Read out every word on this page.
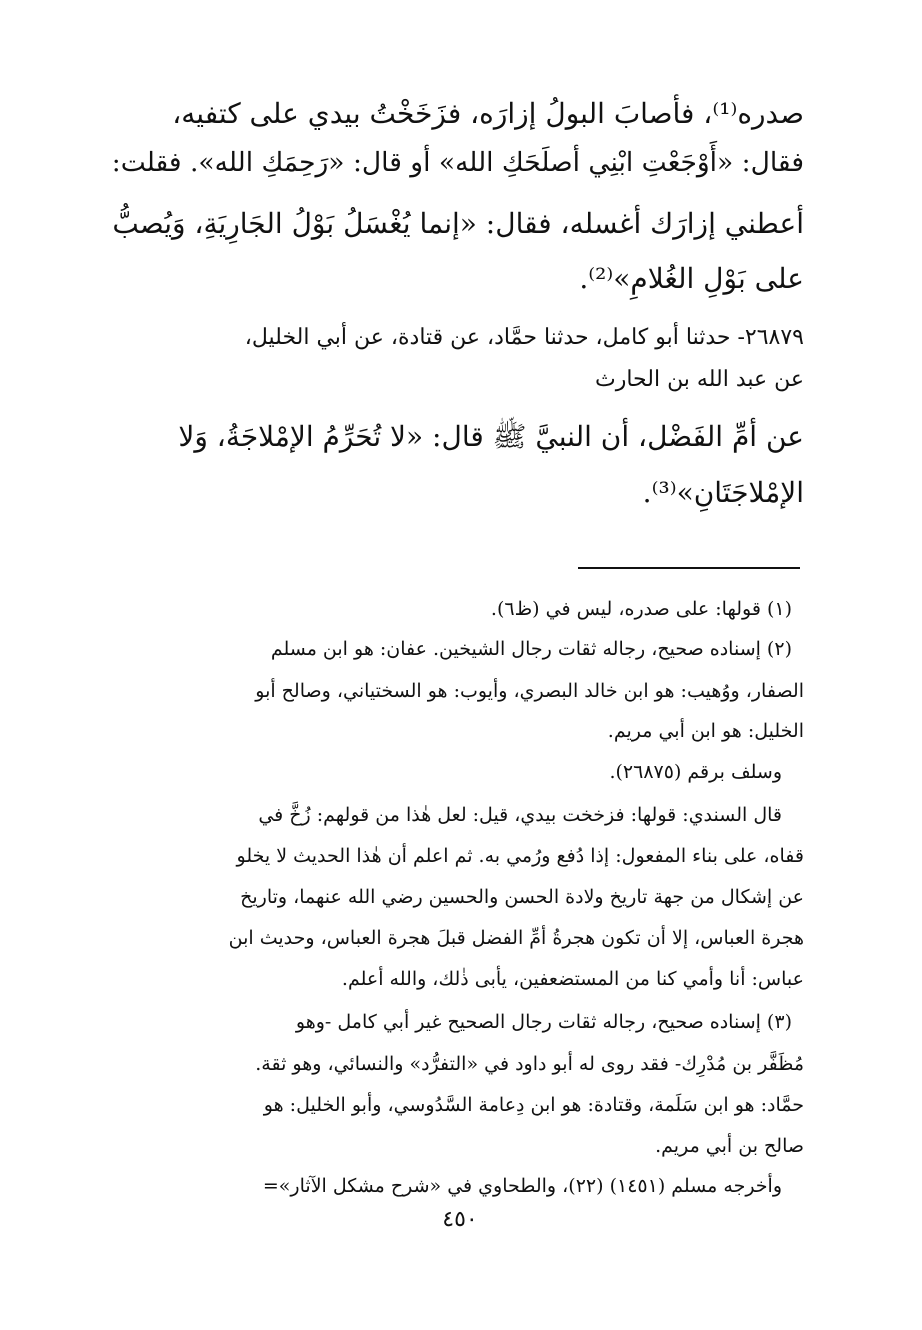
صدره⁽¹⁾، فأصابَ البولُ إزارَه، فزَخَخْتُ بيدي على كتفيه،

فقال: «أَوْجَعْتِ ابْنِي أصلَحَكِ الله» أو قال: «رَحِمَكِ الله». فقلت:

أعطني إزارَك أغسله، فقال: «إنما يُغْسَلُ بَوْلُ الجَارِيَةِ، وَيُصبُّ

على بَوْلِ الغُلامِ»⁽²⁾.

٢٦٨٧٩- حدثنا أبو كامل، حدثنا حمَّاد، عن قتادة، عن أبي الخليل،

عن عبد الله بن الحارث

عن أمِّ الفَضْل، أن النبيَّ ﷺ قال: «لا تُحَرِّمُ الإمْلاجَةُ، وَلا

الإمْلاجَتَانِ»⁽³⁾.

(١) قولها: على صدره، ليس في (ظ٦).

(٢) إسناده صحيح، رجاله ثقات رجال الشيخين. عفان: هو ابن مسلم

الصفار، ووُهيب: هو ابن خالد البصري، وأيوب: هو السختياني، وصالح أبو

الخليل: هو ابن أبي مريم.

وسلف برقم (٢٦٨٧٥).

قال السندي: قولها: فزخخت بيدي، قيل: لعل هٰذا من قولهم: زُخَّ في

قفاه، على بناء المفعول: إذا دُفع ورُمي به. ثم اعلم أن هٰذا الحديث لا يخلو

عن إشكال من جهة تاريخ ولادة الحسن والحسين رضي الله عنهما، وتاريخ

هجرة العباس، إلا أن تكون هجرةُ أمِّ الفضل قبلَ هجرة العباس، وحديث ابن

عباس: أنا وأمي كنا من المستضعفين، يأبى ذٰلك، والله أعلم.

(٣) إسناده صحيح، رجاله ثقات رجال الصحيح غير أبي كامل -وهو

مُظَفَّر بن مُدْرِك- فقد روى له أبو داود في «التفرُّد» والنسائي، وهو ثقة.

حمَّاد: هو ابن سَلَمة، وقتادة: هو ابن دِعامة السَّدُوسي، وأبو الخليل: هو

صالح بن أبي مريم.

وأخرجه مسلم (١٤٥١) (٢٢)، والطحاوي في «شرح مشكل الآثار»=

٤٥٠
